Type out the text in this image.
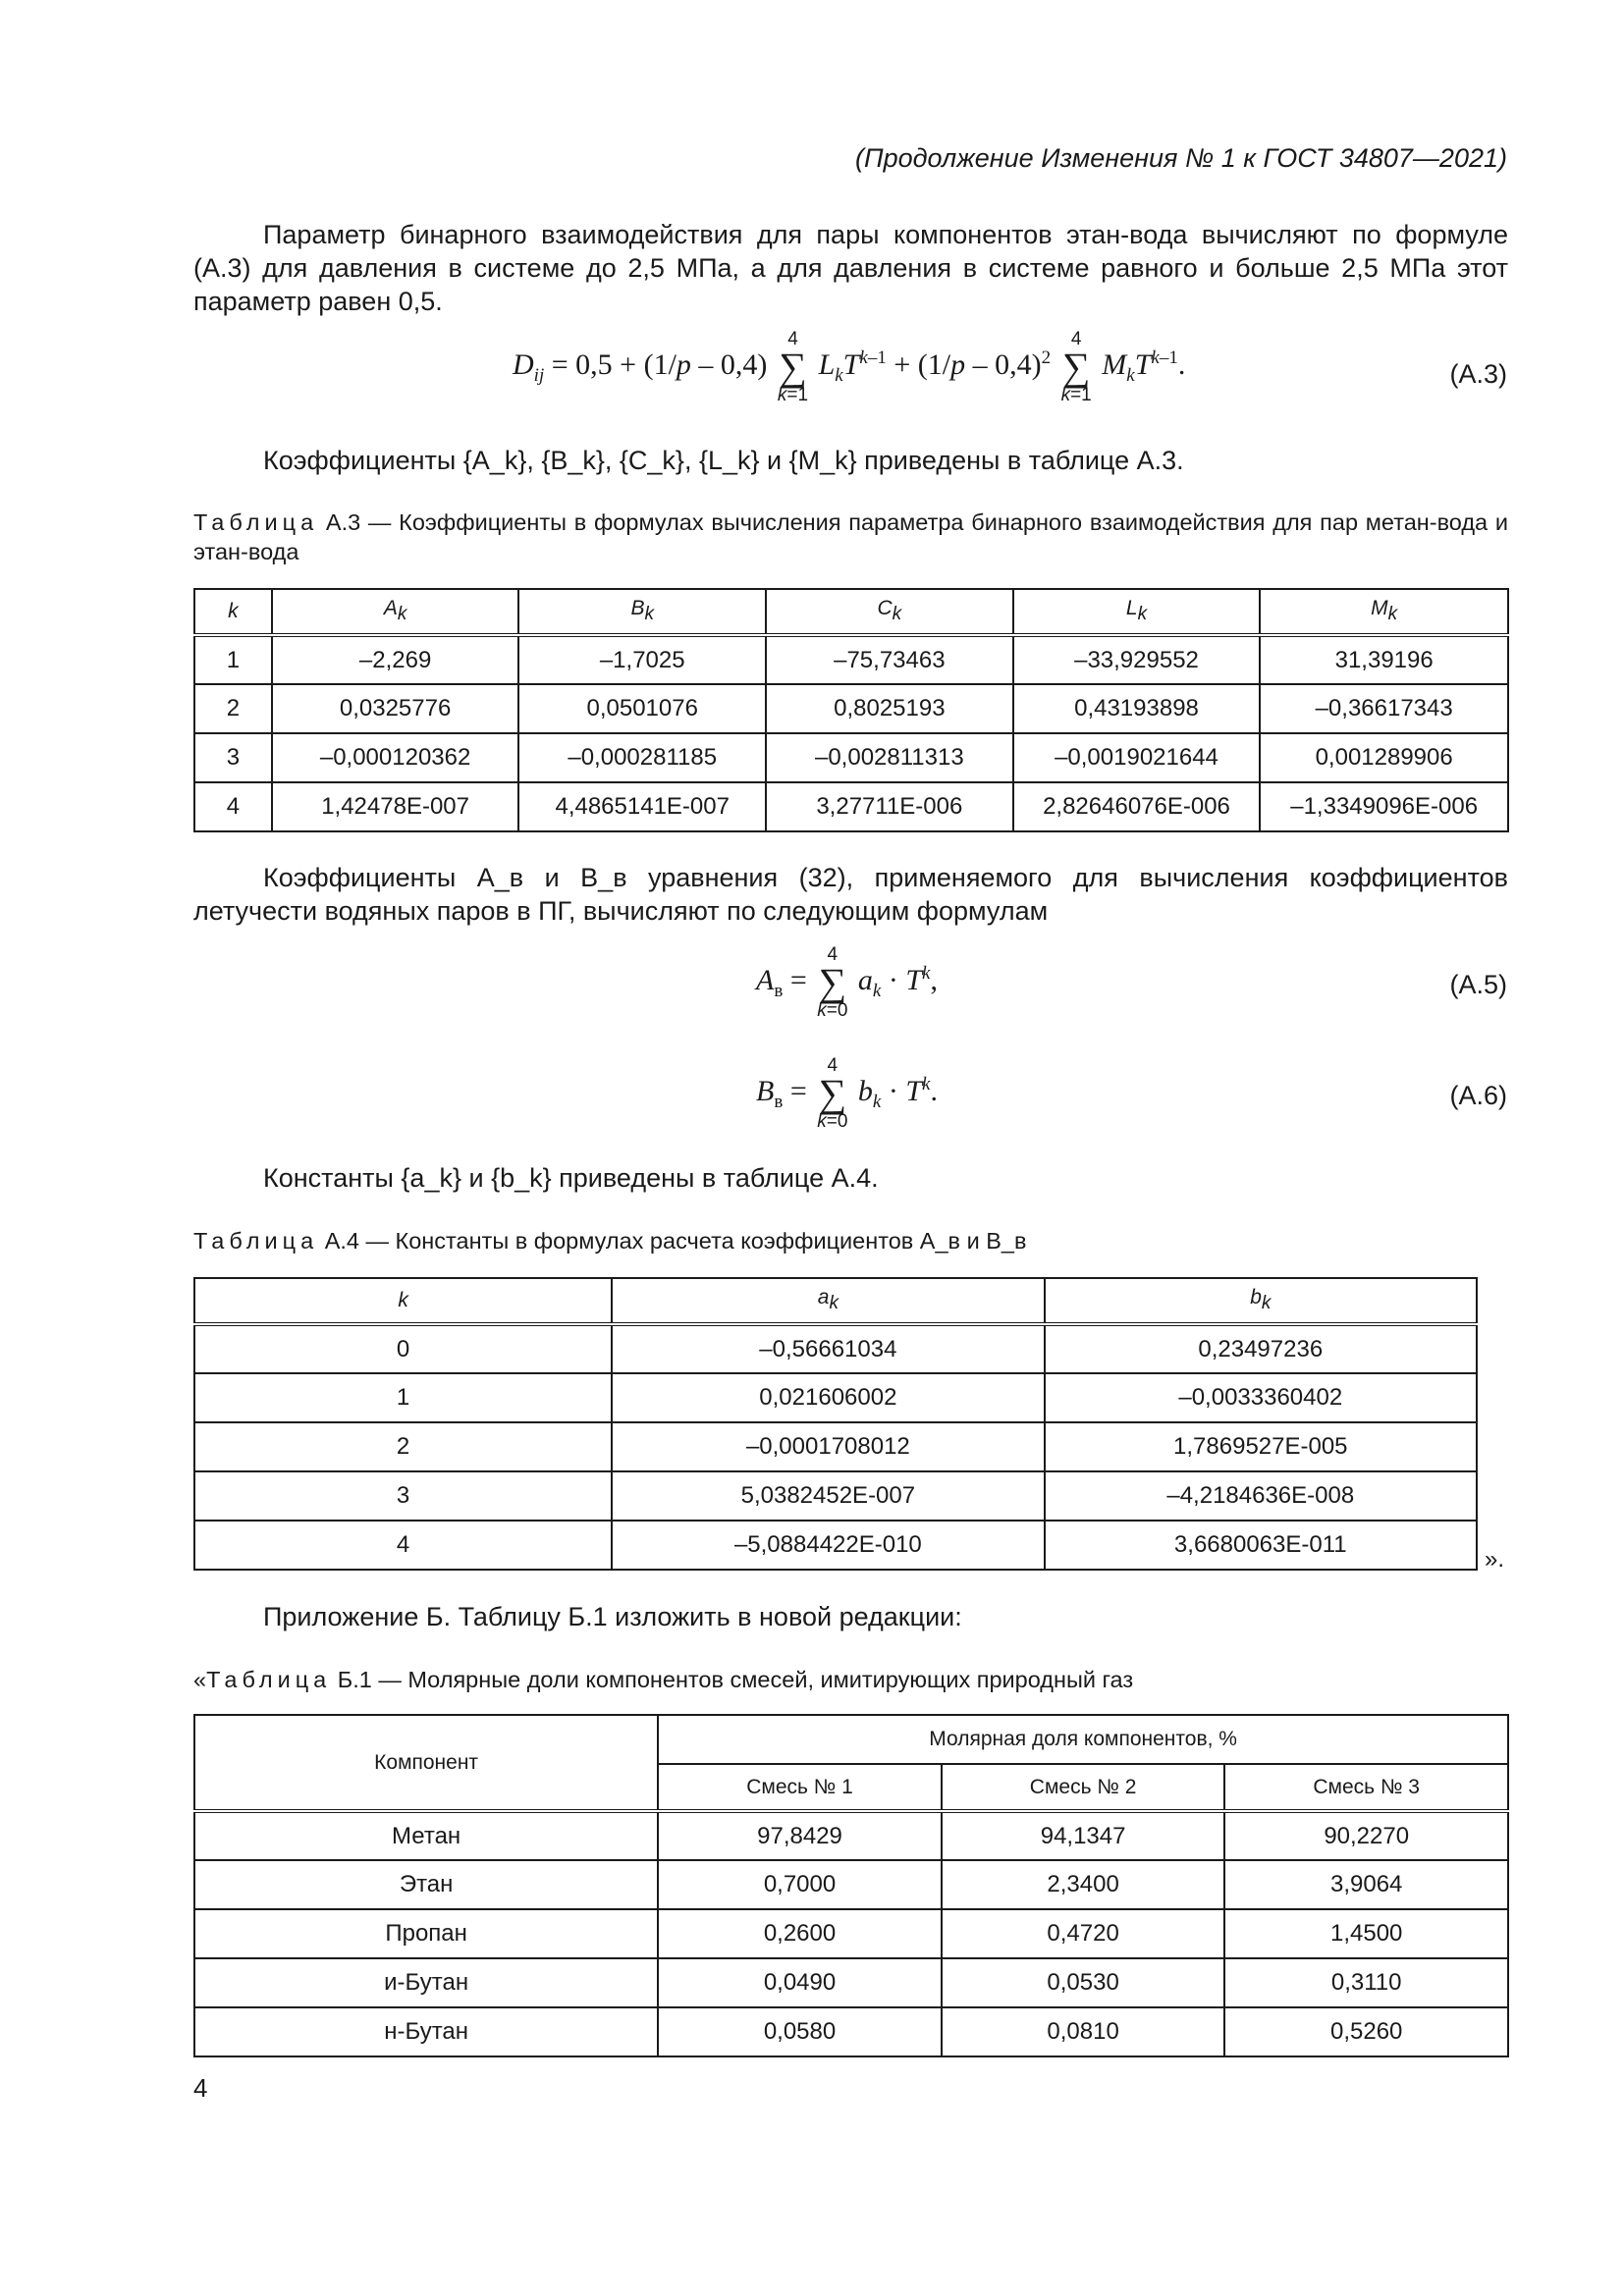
(Продолжение Изменения № 1 к ГОСТ 34807—2021)
Параметр бинарного взаимодействия для пары компонентов этан-вода вычисляют по формуле (А.3) для давления в системе до 2,5 МПа, а для давления в системе равного и больше 2,5 МПа этот параметр равен 0,5.
$D_{ij} = 0,5 + (1/p - 0,4)$
4
∑
k=1
$L_kT^{k-1} + (1/p - 0,4)^2$
4
∑
k=1
$M_kT^{k-1}$.	(А.3)
Коэффициенты {A_k}, {B_k}, {C_k}, {L_k} и {M_k} приведены в таблице А.3.
Таблица А.3 — Коэффициенты в формулах вычисления параметра бинарного взаимодействия для пар метан-вода и этан-вода
k	$A_k$	$B_k$	$C_k$	$L_k$	$M_k$
1	–2,269	–1,7025	–75,73463	–33,929552	31,39196
2	0,0325776	0,0501076	0,8025193	0,43193898	–0,36617343
3	–0,000120362	–0,000281185	–0,002811313	–0,0019021644	0,001289906
4	1,42478E-007	4,4865141E-007	3,27711E-006	2,82646076E-006	–1,3349096E-006
Коэффициенты A_в и B_в уравнения (32), применяемого для вычисления коэффициентов летучести водяных паров в ПГ, вычисляют по следующим формулам
$A_в$ =
4
∑
k=0
$a_k \cdot T^k$,	(А.5)
$B_в$ =
4
∑
k=0
$b_k \cdot T^k$.	(А.6)
Константы {a_k} и {b_k} приведены в таблице А.4.
Таблица А.4 — Константы в формулах расчета коэффициентов A_в и B_в
k	$a_k$	$b_k$
0	–0,56661034	0,23497236
1	0,021606002	–0,0033360402
2	–0,0001708012	1,7869527E-005
3	5,0382452E-007	–4,2184636E-008
4	–5,0884422E-010	3,6680063E-011
».
Приложение Б. Таблицу Б.1 изложить в новой редакции:
«Таблица Б.1 — Молярные доли компонентов смесей, имитирующих природный газ
Компонент	Молярная доля компонентов, %		
	Смесь № 1	Смесь № 2	Смесь № 3
Метан	97,8429	94,1347	90,2270
Этан	0,7000	2,3400	3,9064
Пропан	0,2600	0,4720	1,4500
и-Бутан	0,0490	0,0530	0,3110
н-Бутан	0,0580	0,0810	0,5260
4
